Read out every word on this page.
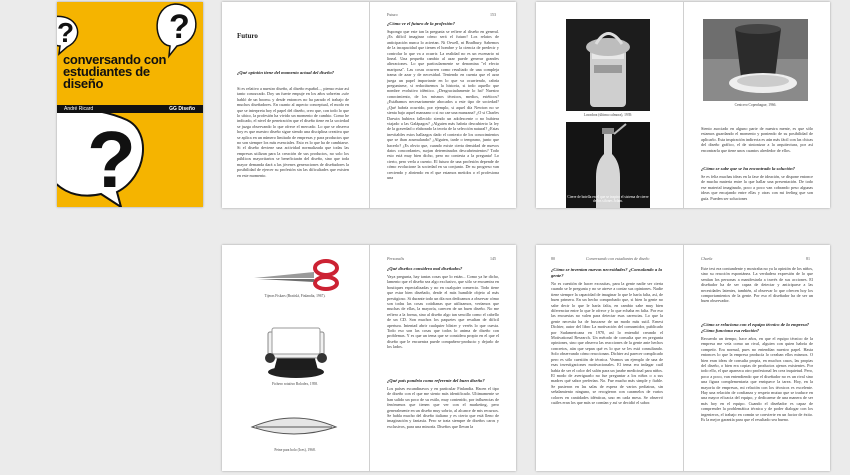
?
?
?
conversando con estudiantes de diseño
André Ricard	GG Diseño
Futuro
¿Qué opinión tiene del momento actual del diseño?
Si es relativo a nuestro diseño, al diseño español..., pienso estar así tanto conozcado. Doy un fuerte empuje en los años sobretm «sóe habló de un boom» y desde entonces no ha parado el trabajo de muchos diseñadores. En cuanto al aspecto conceptual, el modo en que se interpreta hoy el papel del diseño, creo que, con todo lo que lo ubico, la profesión ha vivido un momento de cambio. Como he indicado, el nivel de penetración que el diseño tiene en la sociedad se juzga observando lo que ofrece el mercado. Lo que se observa hoy es que nuestro diseño sigue siendo una disciplina creativa que se aplica en un número limitado de empresas y para productos que no son siempre los más esenciales. Esto es lo que ha de cambiarse. Si el diseño deviene una actividad normalizada que todas las empresas utilizan para la creación de sus productos, no solo los públicos mayoritarios se beneficiarán del diseño, sino que toda mayor demanda dará a las jóvenes generaciones de diseñadores la posibilidad de ejercer su profesión sin las dificultades que existen en este momento.
Futuro	153
¿Cómo ve el futuro de la profesión?
Supongo que este tan la pregunta se refiere al diseño en general. ¡Es difícil imaginar cómo será el futuro! Los relatos de anticipación nunca lo aciertan. Ni Orwell, ni Bradbury. Sabemos de la incapacidad que tienen el hombre y la ciencia de predecir y controlar lo que va a ocurrir. La realidad no es un escenario ni lineal. Una pequeña cambio al azar puede generar grandes alteraciones. Lo que particularmente se denomina "el efecto mariposa". Las cosas ocurren como resultado de una compleja trama de azar y de necesidad. Teniendo en cuenta que el azar juega un papel importante en lo que va ocurriendo, cabría preguntarse, si redactásemos la historia, si todo aquello que nombre evolutivo idéntico. ¿Desgraciadamente lo ha? Nuestro conocimiento, de los mismos técnicos, medios, estéticos? ¿Estábamos necesariamente abocados a este tipo de sociedad? ¿Qué habría ocurrido, por ejemplo, si aquel día Newton no se sienta bajo aquel manzano o si no cae una manzana? ¿O si Charles Darwin hubiera fallecido siendo un adolescente o no hubiera viajado a las Galápagos? ¿Alguien más habría descubierto la ley de la gravedad o elaborado la teoría de la selección natural? ¿Estas inevitables estos hallazgos dado el contexto de los conocimientos que se iban acumulando? ¿Alguien, tarde o temprano, junto que hacerlo? ¿Es obvio que, cuando existe cierta densidad de nuevos datos concordantes, surjan determinados descubrimientos? Todo esto está muy bien dicho, pero no contesta a la pregunta! Lo cierto, pero verla a cuento. El futuro de una profesión depende de cómo evolucione la sociedad en su conjunto. De su progreso van creciendo y abriendo en el que estamos metidos o el profesiona una
Lavadora (última calmora), 1939.
Cierre de botella en el que se inspiro el sistema de cierre de los sifones Jofam.
Cenicero Copenhague, 1966.
Siento asociado en alguno parte de nuestra mente, es que sólo estamos guardando el momento y poniendo de su posibilidad de aplicarlo. Esta inspiración indirecta es aún más fácil con las chicas del diseño gráfico, el de sintonizar a la arquitectura, por así encontrarla que tiene unos cuantos alrededor de ellos.
¿Cómo se sabe que se ha encontrado la solución?
Se es feliz muchas ideas en la fase de ideación, se dispone entonce de mucha materia entre la que hallar una presentación. De todo ese material imaginado, poco a poco van cobrando peso algunas ideas que encajando entre ellas y otras con mi feeling que son guía. Pueden ser soluciones
Tijeras Fiskars (Bratislá, Finlandia, 1967).
Fichero rotativo Rolodex, 1958.
Peine para bolo (Ices), 1968.
Personalis	145
¿Qué diseños considera mal diseñados?
Vaya pregunta, hay tantas cosas que lo están... Como ya he dicho, lamento que el diseño sea algo exclusivo, que sólo se encuentra en boutiques especializadas y no en cualquier comercio. Todo tiene que estar bien diseñado, desde el más humilde objeto al más prestigioso. Si durante todo un día nos dedicamos a observar cómo son todas las cosas cotidianas que utilizamos, veríamos que muchas de ellas, la mayoría, carecen de un buen diseño. No me refiero a la forma, sino al diseño algo tan sencillo como el cabello de un CD. Son muchos los paquetes que resultan de difícil apertura. Intentad abrir cualquier blister y veréis lo que cuesta. Todo eso son las cosas que todos lo anima de diseño con problemas. Y es que un tema que se considera propio en el que el diseño que le encuentra puede compañero-producto y dejarlo de los lados.
¿Qué país pondría como referente del buen diseño?
Los países escandinavos y en particular Finlandia. Hacen el tipo de diseño con el que me siento más identificado. Ultimamente se han salido un poco de su estilo, muy contenido, por influencias de fenómenos que tienen que ver con el marketing, pero generalmente en un diseño muy sobrio, al alcance de mis recursos. Se habla mucho del diseño italiano y es cierto que está lleno de imaginación y fantasía. Pero se trata siempre de diseños caros y exclusivos, para una minoría. Diseños que llevan la
80	Conversando con estudiantes de diseño
¿Cómo se inventan nuevas necesidades? ¿Consolando a la gente?
No es cuestión de hacer excusitas, para la gente nadie ser cierta cuando se le pregunta y no se atreve a contar sus opiniones. Nadie tiene siempre la capacidad de imaginar lo que le haría falta, así, de buen primera. En un hecho comprobado que, si bien la gente no sabe decir lo que le haría falta, en cambio sabe muy bien diferenciar entre lo que le ofrece y lo que echaba en falta. Por eso las encuestas no valen para detectar esas carencias. Lo que la gente necesita ha de buscarse de un modo más sutil. Ernest Dichter, autor del libro La motivación del consumidor, publicado por Sudamericana en 1970, así lo entendió creando el Motivational Research. Un método de consulta que en pregunta opiniones, sino que observa las reacciones de la gente ante hechos concretos, aún que sepan qué es lo que se les está consultando. Solo observando cómo reaccionan. Dichter así parecer complicado pero es sólo cuestión de técnica. Veamos un ejemplo de una de esas investigaciones motivacionales. El tema era indagar cuál había de ser el color del salón para un jarabe medicinal para niños. El modo de averiguarlo no fue preguntar a los niños o a sus madres qué sabor preferían. No. Fue mucho más simple y fiable. Se pusieron en las salas de espera de varios pediatras, sin señalamiento ninguno, se recogieron con caramelos de varios colores en cantidades idénticas, uno en cada mesa. Se observó cuáles eran los que más se comían y así se decidió el sabor.
Charla	81
Este test era contundente y mostraba no ya la opinión de los niños, sino su reacción espontánea. La verdadera expresión de lo que sentían los personas a manifestarla a través de sus acciones. El diseñador ha de ser capaz de detectar y anticiparse a las necesidades latentes, también, al observar lo que ofrecen hoy los comportamientos de la gente. Por eso el diseñador ha de ser un buen observador.
¿Cómo se relaciona con el equipo técnico de la empresa? ¿Cómo funciona esa relación?
Recuerdo un tiempo, hace años, en que el equipo técnico de la empresa me veía como un rival, alguien con quien habría de competir. Era normal, pues no entendían nuestro papel. Hasta entonces lo que la empresa producía lo creaban ellos mismos. O bien eran ideas de consulta propia, en muchos casos, las propias del diseño, o bien era copias de productos ajenos existentes. Por todo ello, el que aparezca otro profesional les crea inquietud. Pero, poco a poco, van entendiendo que el diseñador no es un rival sino una figura complementaria que enriquece la tarea. Hoy, en la mayoría de empresas, mi relación con los técnicos es excelente. Hay una relación de confianza y respeto mutuo que se traduce en una mayor eficacia del equipo, y dedicarme de una manera de ser más hoy en el equipo. Cuando el diseñador es capaz de comprender la problemática técnica y de poder dialogar con los ingenieros, el trabajo en común se convierte en un factor de éxito. Es la mejor garantía para que el resultado sea bueno.
